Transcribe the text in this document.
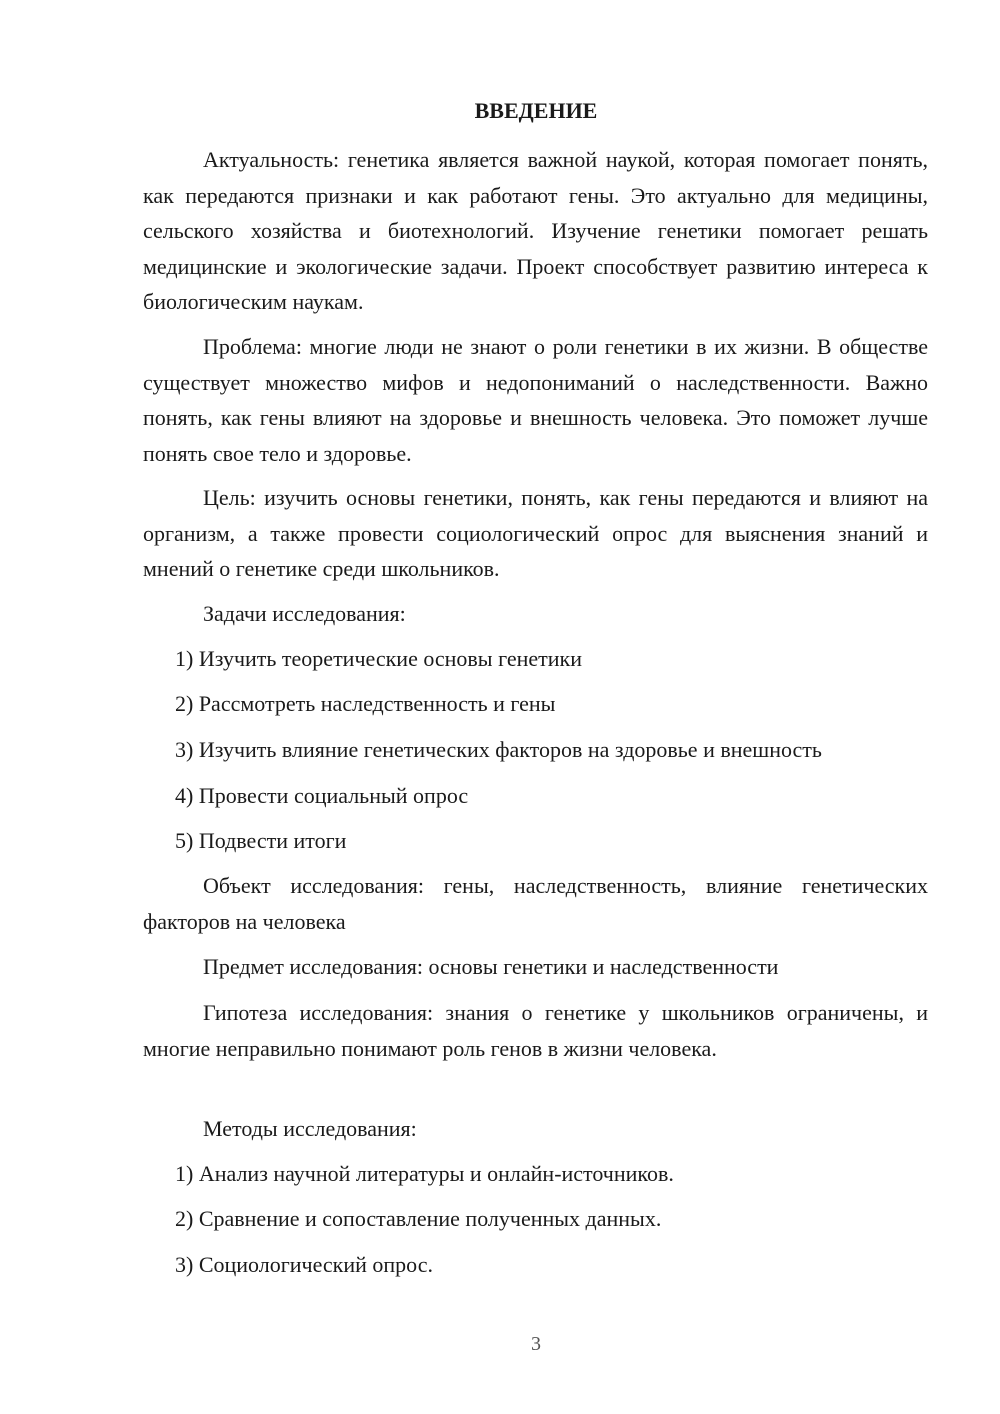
ВВЕДЕНИЕ
Актуальность: генетика является важной наукой, которая помогает понять, как передаются признаки и как работают гены. Это актуально для медицины, сельского хозяйства и биотехнологий. Изучение генетики помогает решать медицинские и экологические задачи. Проект способствует развитию интереса к биологическим наукам.
Проблема: многие люди не знают о роли генетики в их жизни. В обществе существует множество мифов и недопониманий о наследственности. Важно понять, как гены влияют на здоровье и внешность человека. Это поможет лучше понять свое тело и здоровье.
Цель: изучить основы генетики, понять, как гены передаются и влияют на организм, а также провести социологический опрос для выяснения знаний и мнений о генетике среди школьников.
Задачи исследования:
1) Изучить теоретические основы генетики
2) Рассмотреть наследственность и гены
3) Изучить влияние генетических факторов на здоровье и внешность
4) Провести социальный опрос
5) Подвести итоги
Объект исследования: гены, наследственность, влияние генетических факторов на человека
Предмет исследования: основы генетики и наследственности
Гипотеза исследования: знания о генетике у школьников ограничены, и многие неправильно понимают роль генов в жизни человека.
Методы исследования:
1) Анализ научной литературы и онлайн-источников.
2) Сравнение и сопоставление полученных данных.
3) Социологический опрос.
3
